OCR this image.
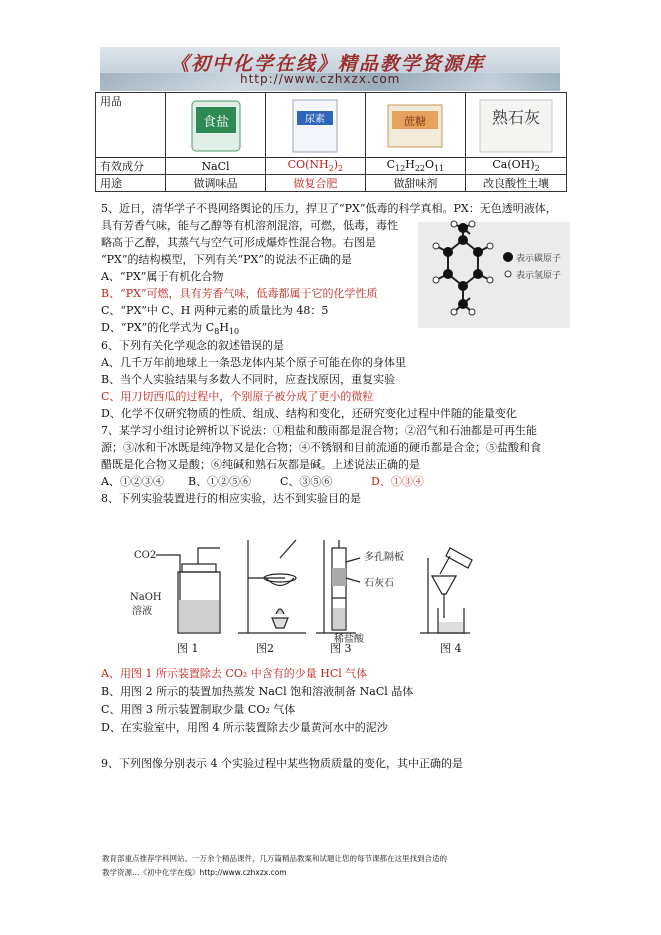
《初中化学在线》精品教学资源库
http://www.czhxzx.com
用品	食盐	尿素	蔗糖	熟石灰

有效成分	NaCl	$CO(NH_2)_2$	$C_{12}H_{22}O_{11}$	$Ca(OH)_2$
用途	做调味品	做复合肥	做甜味剂	改良酸性土壤
5、近日，清华学子不畏网络舆论的压力，捍卫了“PX”低毒的科学真相。PX：无色透明液体，
具有芳香气味，能与乙醇等有机溶剂混溶，可燃，低毒，毒性
略高于乙醇，其蒸气与空气可形成爆炸性混合物。右图是
“PX”的结构模型，下列有关“PX”的说法不正确的是
A、“PX”属于有机化合物
B、“PX”可燃，具有芳香气味，低毒都属于它的化学性质
C、“PX”中 C、H 两种元素的质量比为 48：5
D、“PX”的化学式为 $C_8H_{10}$
表示碳原子
表示氢原子
6、下列有关化学观念的叙述错误的是
A、几千万年前地球上一条恐龙体内某个原子可能在你的身体里
B、当个人实验结果与多数人不同时，应查找原因，重复实验
C、用刀切西瓜的过程中，个别原子被分成了更小的微粒
D、化学不仅研究物质的性质、组成、结构和变化，还研究变化过程中伴随的能量变化
7、某学习小组讨论辨析以下说法：①粗盐和酸雨都是混合物；②沼气和石油都是可再生能
源；③冰和干冰既是纯净物又是化合物；④不锈钢和目前流通的硬币都是合金；⑤盐酸和食
醋既是化合物又是酸；⑥纯碱和熟石灰都是碱。上述说法正确的是
A、①②③④ B、①②⑤⑥	C、③⑤⑥	D、①③④
8、下列实验装置进行的相应实验，达不到实验目的是
CO2
NaOH
溶液
多孔隔板
石灰石
稀盐酸
图 1	图2	图 3	图 4
A、用图 1 所示装置除去 CO₂ 中含有的少量 HCl 气体
B、用图 2 所示的装置加热蒸发 NaCl 饱和溶液制备 NaCl 晶体
C、用图 3 所示装置制取少量 CO₂ 气体
D、在实验室中，用图 4 所示装置除去少量黄河水中的泥沙
9、下列图像分别表示 4 个实验过程中某些物质质量的变化，其中正确的是
教育部重点推荐学科网站。一万余个精品课件，几万篇精品教案和试题让您的每节课都在这里找到合适的
教学资源…《初中化学在线》http://www.czhxzx.com
